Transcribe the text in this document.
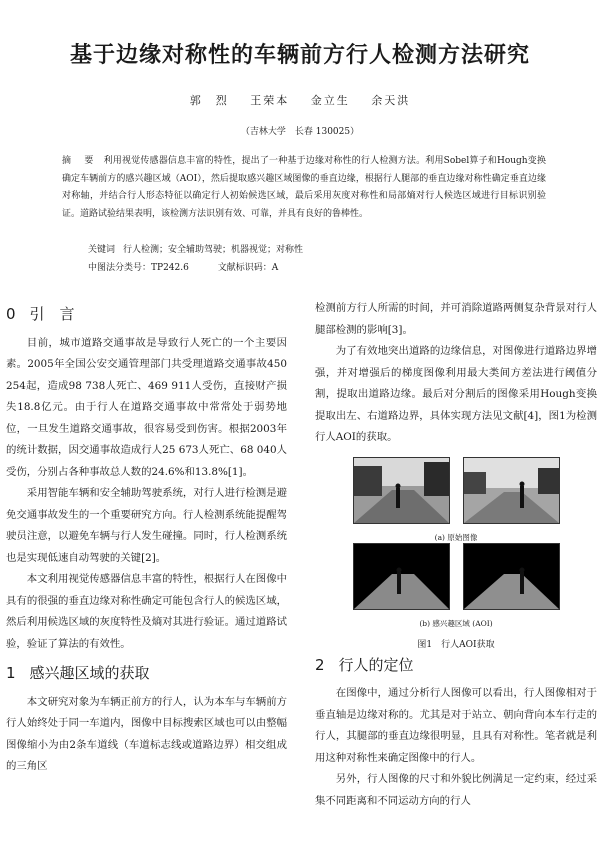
基于边缘对称性的车辆前方行人检测方法研究
郭　烈 王荣本 金立生 余天洪
（吉林大学　长春 130025）
摘　要 利用视觉传感器信息丰富的特性，提出了一种基于边缘对称性的行人检测方法。利用Sobel算子和Hough变换确定车辆前方的感兴趣区域（AOI），然后提取感兴趣区域图像的垂直边缘，根据行人腿部的垂直边缘对称性确定垂直边缘对称轴，并结合行人形态特征以确定行人初始候选区域，最后采用灰度对称性和局部熵对行人候选区域进行目标识别验证。道路试验结果表明，该检测方法识别有效、可靠，并具有良好的鲁棒性。
关键词 行人检测；安全辅助驾驶；机器视觉；对称性
中图法分类号：TP242.6	文献标识码：A
0 引　言

目前，城市道路交通事故是导致行人死亡的一个主要因素。2005年全国公安交通管理部门共受理道路交通事故450 254起，造成98 738人死亡、469 911人受伤，直接财产损失18.8亿元。由于行人在道路交通事故中常常处于弱势地位，一旦发生道路交通事故，很容易受到伤害。根据2003年的统计数据，因交通事故造成行人25 673人死亡、68 040人受伤，分别占各种事故总人数的24.6%和13.8%[1]。

采用智能车辆和安全辅助驾驶系统，对行人进行检测是避免交通事故发生的一个重要研究方向。行人检测系统能提醒驾驶员注意，以避免车辆与行人发生碰撞。同时，行人检测系统也是实现低速自动驾驶的关键[2]。

本文利用视觉传感器信息丰富的特性，根据行人在图像中具有的很强的垂直边缘对称性确定可能包含行人的候选区域，然后利用候选区域的灰度特性及熵对其进行验证。通过道路试验，验证了算法的有效性。

1 感兴趣区域的获取

本文研究对象为车辆正前方的行人，认为本车与车辆前方行人始终处于同一车道内，图像中目标搜索区域也可以由整幅图像缩小为由2条车道线（车道标志线或道路边界）相交组成的三角区

检测前方行人所需的时间，并可消除道路两侧复杂背景对行人腿部检测的影响[3]。

为了有效地突出道路的边缘信息，对图像进行道路边界增强，并对增强后的梯度图像利用最大类间方差法进行阈值分割，提取出道路边缘。最后对分割后的图像采用Hough变换提取出左、右道路边界，具体实现方法见文献[4]，图1为检测行人AOI的获取。

(a) 原始图像
(b) 感兴趣区域 (AOI)
图1　行人AOI获取
2 行人的定位

在图像中，通过分析行人图像可以看出，行人图像相对于垂直轴是边缘对称的。尤其是对于站立、朝向背向本车行走的行人，其腿部的垂直边缘很明显，且具有对称性。笔者就是利用这种对称性来确定图像中的行人。

另外，行人图像的尺寸和外貌比例满足一定约束，经过采集不同距离和不同运动方向的行人
